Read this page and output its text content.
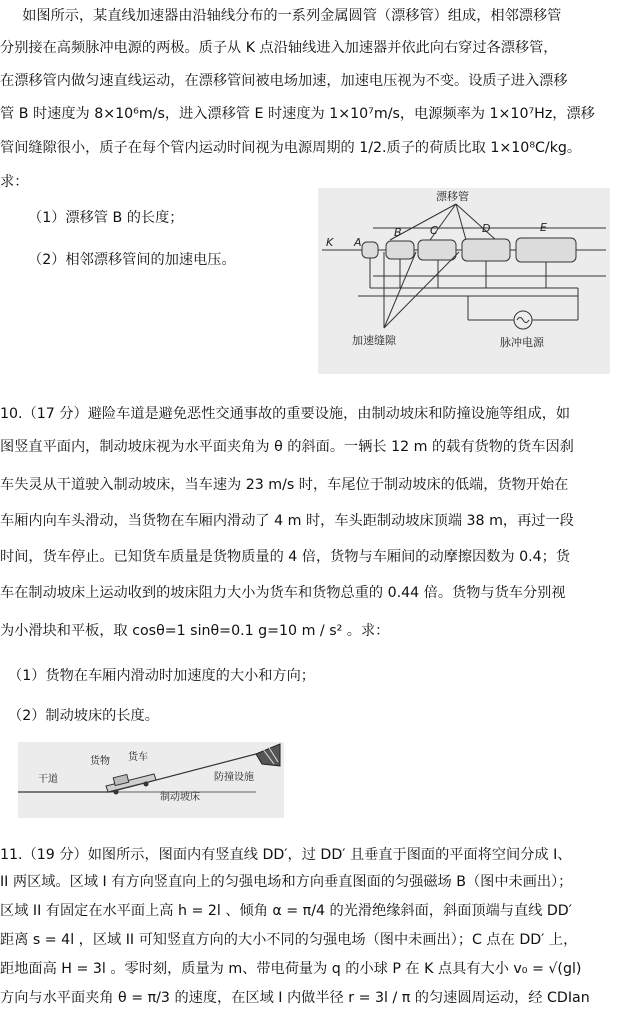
　如图所示，某直线加速器由沿轴线分布的一系列金属圆管（漂移管）组成，相邻漂移管
分别接在高频脉冲电源的两极。质子从 K 点沿轴线进入加速器并依此向右穿过各漂移管，
在漂移管内做匀速直线运动，在漂移管间被电场加速，加速电压视为不变。设质子进入漂移
管 B 时速度为 8×10⁶m/s，进入漂移管 E 时速度为 1×10⁷m/s，电源频率为 1×10⁷Hz，漂移
管间缝隙很小，质子在每个管内运动时间视为电源周期的 1/2.质子的荷质比取 1×10⁸C/kg。
求：
（1）漂移管 B 的长度；
（2）相邻漂移管间的加速电压。
漂移管
K A
B	C	D	E
加速缝隙	脉冲电源
10.（17 分）避险车道是避免恶性交通事故的重要设施，由制动坡床和防撞设施等组成，如
图竖直平面内，制动坡床视为水平面夹角为 θ 的斜面。一辆长 12 m 的载有货物的货车因刹
车失灵从干道驶入制动坡床，当车速为 23 m/s 时，车尾位于制动坡床的低端，货物开始在
车厢内向车头滑动，当货物在车厢内滑动了 4 m 时，车头距制动坡床顶端 38 m，再过一段
时间，货车停止。已知货车质量是货物质量的 4 倍，货物与车厢间的动摩擦因数为 0.4；货
车在制动坡床上运动收到的坡床阻力大小为货车和货物总重的 0.44 倍。货物与货车分别视
为小滑块和平板，取 cosθ=1 sinθ=0.1 g=10 m / s² 。求：
（1）货物在车厢内滑动时加速度的大小和方向；
（2）制动坡床的长度。
干道
货物 货车
制动坡床
防撞设施
11.（19 分）如图所示，图面内有竖直线 DD′，过 DD′ 且垂直于图面的平面将空间分成 I、
II 两区域。区域 I 有方向竖直向上的匀强电场和方向垂直图面的匀强磁场 B（图中未画出）；
区域 II 有固定在水平面上高 h = 2l 、倾角 α = π/4 的光滑绝缘斜面，斜面顶端与直线 DD′
距离 s = 4l ，区域 II 可知竖直方向的大小不同的匀强电场（图中未画出）；C 点在 DD′ 上，
距地面高 H = 3l 。零时刻，质量为 m、带电荷量为 q 的小球 P 在 K 点具有大小 v₀ = √(gl)
方向与水平面夹角 θ = π/3 的速度，在区域 I 内做半径 r = 3l / π 的匀速圆周运动，经 CDIan
